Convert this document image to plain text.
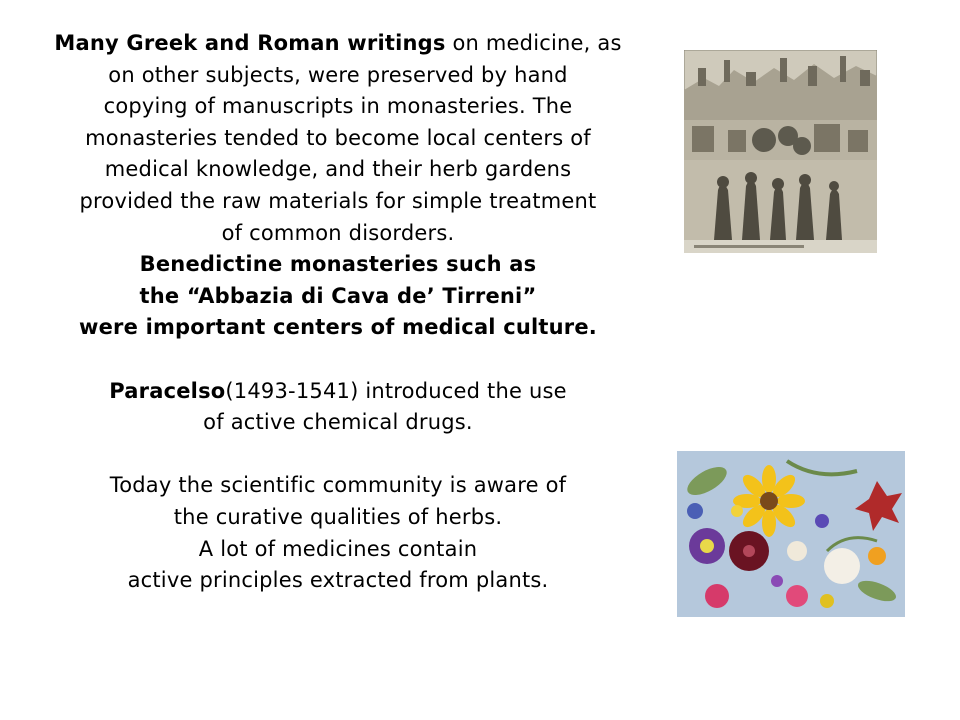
Many Greek and Roman writings on medicine, as
on other subjects, were preserved by hand
copying of manuscripts in monasteries. The
monasteries tended to become local centers of
medical knowledge, and their herb gardens
provided the raw materials for simple treatment
of common disorders.
Benedictine monasteries such as
the “Abbazia di Cava de’ Tirreni”
were important centers of medical culture.
Paracelso(1493-1541) introduced the use
of active chemical drugs.
Today the scientific community is aware of
the curative qualities of herbs.
A lot of medicines contain
active principles extracted from plants.
